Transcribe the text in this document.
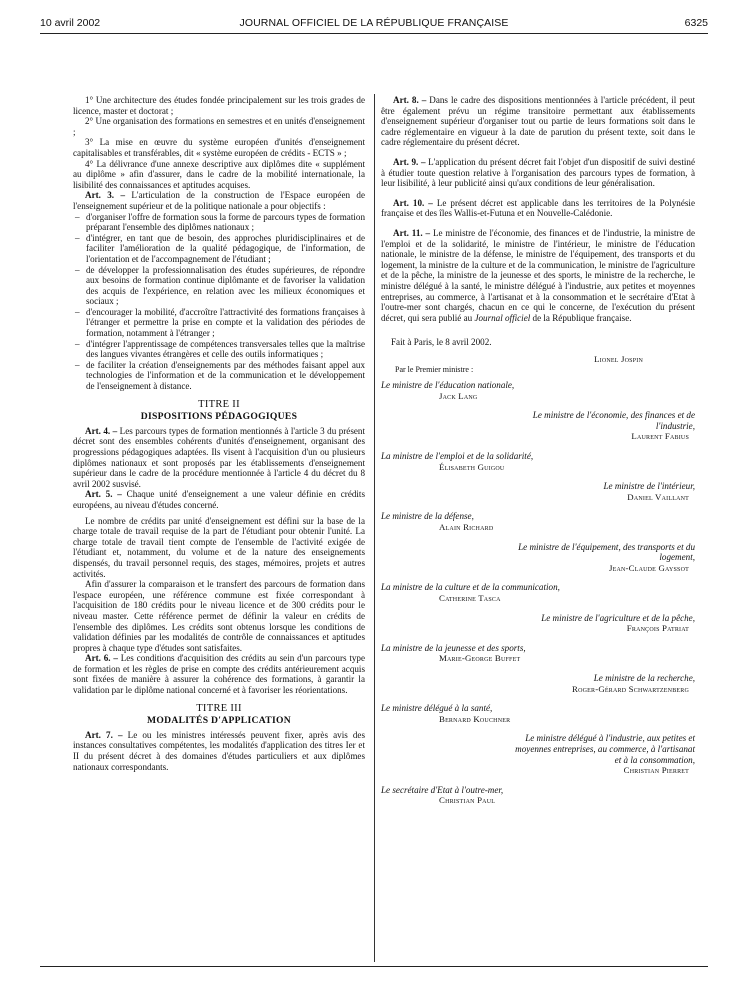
10 avril 2002	JOURNAL OFFICIEL DE LA RÉPUBLIQUE FRANÇAISE	6325

1° Une architecture des études fondée principalement sur les trois grades de licence, master et doctorat ;

2° Une organisation des formations en semestres et en unités d'enseignement ;

3° La mise en œuvre du système européen d'unités d'enseignement capitalisables et transférables, dit « système européen de crédits - ECTS » ;

4° La délivrance d'une annexe descriptive aux diplômes dite « supplément au diplôme » afin d'assurer, dans le cadre de la mobilité internationale, la lisibilité des connaissances et aptitudes acquises.

Art. 3. – L'articulation de la construction de l'Espace européen de l'enseignement supérieur et de la politique nationale a pour objectifs :

– d'organiser l'offre de formation sous la forme de parcours types de formation préparant l'ensemble des diplômes nationaux ;
– d'intégrer, en tant que de besoin, des approches pluridisciplinaires et de faciliter l'amélioration de la qualité pédagogique, de l'information, de l'orientation et de l'accompagnement de l'étudiant ;
– de développer la professionnalisation des études supérieures, de répondre aux besoins de formation continue diplômante et de favoriser la validation des acquis de l'expérience, en relation avec les milieux économiques et sociaux ;
– d'encourager la mobilité, d'accroître l'attractivité des formations françaises à l'étranger et permettre la prise en compte et la validation des périodes de formation, notamment à l'étranger ;
– d'intégrer l'apprentissage de compétences transversales telles que la maîtrise des langues vivantes étrangères et celle des outils informatiques ;
– de faciliter la création d'enseignements par des méthodes faisant appel aux technologies de l'information et de la communication et le développement de l'enseignement à distance.
TITRE II
DISPOSITIONS PÉDAGOGIQUES

Art. 4. – Les parcours types de formation mentionnés à l'article 3 du présent décret sont des ensembles cohérents d'unités d'enseignement, organisant des progressions pédagogiques adaptées. Ils visent à l'acquisition d'un ou plusieurs diplômes nationaux et sont proposés par les établissements d'enseignement supérieur dans le cadre de la procédure mentionnée à l'article 4 du décret du 8 avril 2002 susvisé.

Art. 5. – Chaque unité d'enseignement a une valeur définie en crédits européens, au niveau d'études concerné.

Le nombre de crédits par unité d'enseignement est défini sur la base de la charge totale de travail requise de la part de l'étudiant pour obtenir l'unité. La charge totale de travail tient compte de l'ensemble de l'activité exigée de l'étudiant et, notamment, du volume et de la nature des enseignements dispensés, du travail personnel requis, des stages, mémoires, projets et autres activités.

Afin d'assurer la comparaison et le transfert des parcours de formation dans l'espace européen, une référence commune est fixée correspondant à l'acquisition de 180 crédits pour le niveau licence et de 300 crédits pour le niveau master. Cette référence permet de définir la valeur en crédits de l'ensemble des diplômes. Les crédits sont obtenus lorsque les conditions de validation définies par les modalités de contrôle de connaissances et aptitudes propres à chaque type d'études sont satisfaites.

Art. 6. – Les conditions d'acquisition des crédits au sein d'un parcours type de formation et les règles de prise en compte des crédits antérieurement acquis sont fixées de manière à assurer la cohérence des formations, à garantir la validation par le diplôme national concerné et à favoriser les réorientations.

TITRE III
MODALITÉS D'APPLICATION

Art. 7. – Le ou les ministres intéressés peuvent fixer, après avis des instances consultatives compétentes, les modalités d'application des titres Ier et II du présent décret à des domaines d'études particuliers et aux diplômes nationaux correspondants.

Art. 8. – Dans le cadre des dispositions mentionnées à l'article précédent, il peut être également prévu un régime transitoire permettant aux établissements d'enseignement supérieur d'organiser tout ou partie de leurs formations soit dans le cadre réglementaire en vigueur à la date de parution du présent texte, soit dans le cadre réglementaire du présent décret.

Art. 9. – L'application du présent décret fait l'objet d'un dispositif de suivi destiné à étudier toute question relative à l'organisation des parcours types de formation, à leur lisibilité, à leur publicité ainsi qu'aux conditions de leur généralisation.

Art. 10. – Le présent décret est applicable dans les territoires de la Polynésie française et des îles Wallis-et-Futuna et en Nouvelle-Calédonie.

Art. 11. – Le ministre de l'économie, des finances et de l'industrie, la ministre de l'emploi et de la solidarité, le ministre de l'intérieur, le ministre de l'éducation nationale, le ministre de la défense, le ministre de l'équipement, des transports et du logement, la ministre de la culture et de la communication, le ministre de l'agriculture et de la pêche, la ministre de la jeunesse et des sports, le ministre de la recherche, le ministre délégué à la santé, le ministre délégué à l'industrie, aux petites et moyennes entreprises, au commerce, à l'artisanat et à la consommation et le secrétaire d'Etat à l'outre-mer sont chargés, chacun en ce qui le concerne, de l'exécution du présent décret, qui sera publié au Journal officiel de la République française.

Fait à Paris, le 8 avril 2002.

Lionel Jospin
Par le Premier ministre :
Le ministre de l'éducation nationale,
Jack Lang
Le ministre de l'économie, des finances et de l'industrie,
Laurent Fabius
La ministre de l'emploi et de la solidarité,
Élisabeth Guigou
Le ministre de l'intérieur,
Daniel Vaillant
Le ministre de la défense,
Alain Richard
Le ministre de l'équipement, des transports et du logement,
Jean-Claude Gayssot
La ministre de la culture et de la communication,
Catherine Tasca
Le ministre de l'agriculture et de la pêche,
François Patriat
La ministre de la jeunesse et des sports,
Marie-George Buffet
Le ministre de la recherche,
Roger-Gérard Schwartzenberg
Le ministre délégué à la santé,
Bernard Kouchner
Le ministre délégué à l'industrie, aux petites et moyennes entreprises, au commerce, à l'artisanat et à la consommation,
Christian Pierret
Le secrétaire d'Etat à l'outre-mer,
Christian Paul
